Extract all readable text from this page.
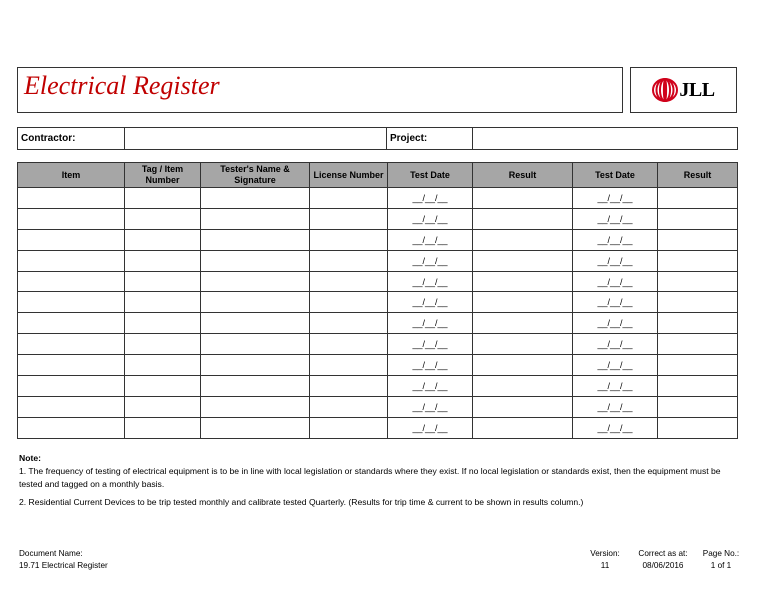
Electrical Register	JLL
Contractor:		Project:	
Item	Tag / Item Number	Tester's Name & Signature	License Number	Test Date	Result	Test Date	Result
				__/__/__		__/__/__	
				__/__/__		__/__/__	
				__/__/__		__/__/__	
				__/__/__		__/__/__	
				__/__/__		__/__/__	
				__/__/__		__/__/__	
				__/__/__		__/__/__	
				__/__/__		__/__/__	
				__/__/__		__/__/__	
				__/__/__		__/__/__	
				__/__/__		__/__/__	
				__/__/__		__/__/__	

Note:

1. The frequency of testing of electrical equipment is to be in line with local legislation or standards where they exist. If no local legislation or standards exist, then the equipment must be tested and tagged on a monthly basis.

2. Residential Current Devices to be trip tested monthly and calibrate tested Quarterly. (Results for trip time & current to be shown in results column.)

Document Name:
19.71 Electrical Register
Version:
11
Correct as at:
08/06/2016
Page No.:
1 of 1
